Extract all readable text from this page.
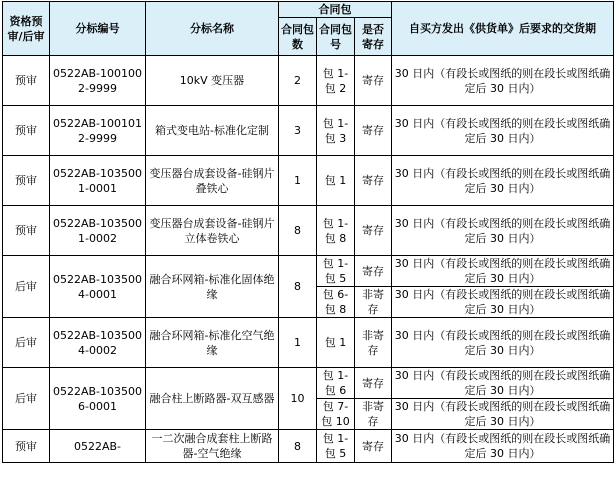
资格预审/后审	分标编号	分标名称	合同包			自买方发出《供货单》后要求的交货期
			合同包数	合同包号	是否寄存	
预审	0522AB-1001002-9999	10kV 变压器	2	包 1-包 2	寄存	30 日内（有段长或图纸的则在段长或图纸确定后 30 日内）
预审	0522AB-1001012-9999	箱式变电站-标准化定制	3	包 1-包 3	寄存	30 日内（有段长或图纸的则在段长或图纸确定后 30 日内）
预审	0522AB-1035001-0001	变压器台成套设备-硅钢片叠铁心	1	包 1	寄存	30 日内（有段长或图纸的则在段长或图纸确定后 30 日内）
预审	0522AB-1035001-0002	变压器台成套设备-硅钢片立体卷铁心	8	包 1-包 8	寄存	30 日内（有段长或图纸的则在段长或图纸确定后 30 日内）
后审	0522AB-1035004-0001	融合环网箱-标准化固体绝缘	8	包 1-包 5	寄存	30 日内（有段长或图纸的则在段长或图纸确定后 30 日内）
				包 6-包 8	非寄存	30 日内（有段长或图纸的则在段长或图纸确定后 30 日内）
后审	0522AB-1035004-0002	融合环网箱-标准化空气绝缘	1	包 1	非寄存	30 日内（有段长或图纸的则在段长或图纸确定后 30 日内）
后审	0522AB-1035006-0001	融合柱上断路器-双互感器	10	包 1-包 6	寄存	30 日内（有段长或图纸的则在段长或图纸确定后 30 日内）
				包 7-包 10	非寄存	30 日内（有段长或图纸的则在段长或图纸确定后 30 日内）
预审	0522AB-	一二次融合成套柱上断路器-空气绝缘	8	包 1-包 5	寄存	30 日内（有段长或图纸的则在段长或图纸确定后 30 日内）
